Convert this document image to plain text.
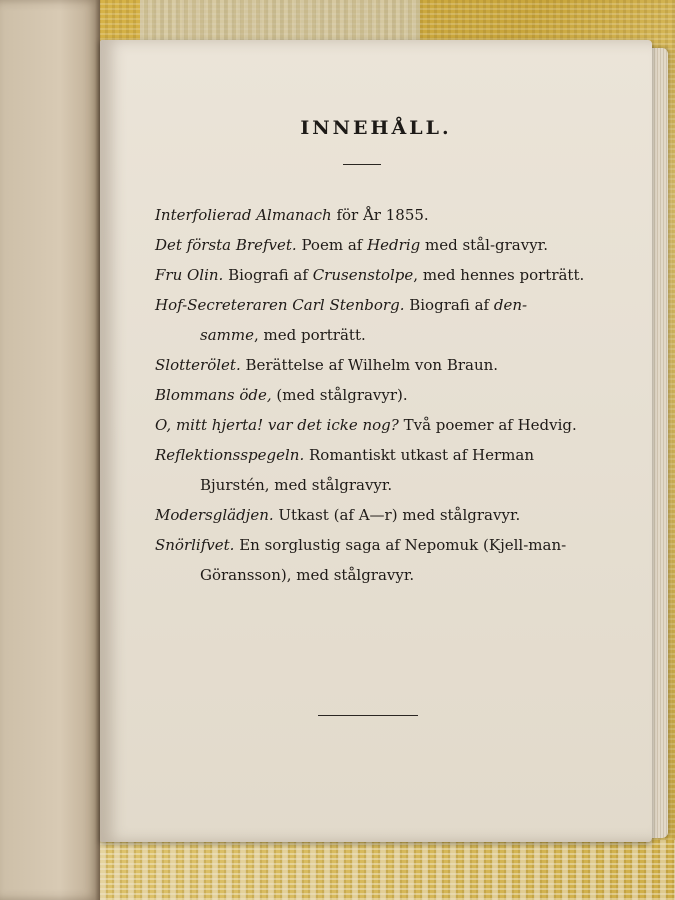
INNEHÅLL.

Interfolierad Almanach för År 1855.

Det första Brefvet. Poem af Hedrig med stål-gravyr.

Fru Olin. Biografi af Crusenstolpe, med hennes porträtt.

Hof-Secreteraren Carl Stenborg. Biografi af den-samme, med porträtt.

Slotterölet. Berättelse af Wilhelm von Braun.

Blommans öde, (med stålgravyr).

O, mitt hjerta! var det icke nog? Två poemer af Hedvig.

Reflektionsspegeln. Romantiskt utkast af Herman Bjurstén, med stålgravyr.

Modersglädjen. Utkast (af A—r) med stålgravyr.

Snörlifvet. En sorglustig saga af Nepomuk (Kjell-man-Göransson), med stålgravyr.
